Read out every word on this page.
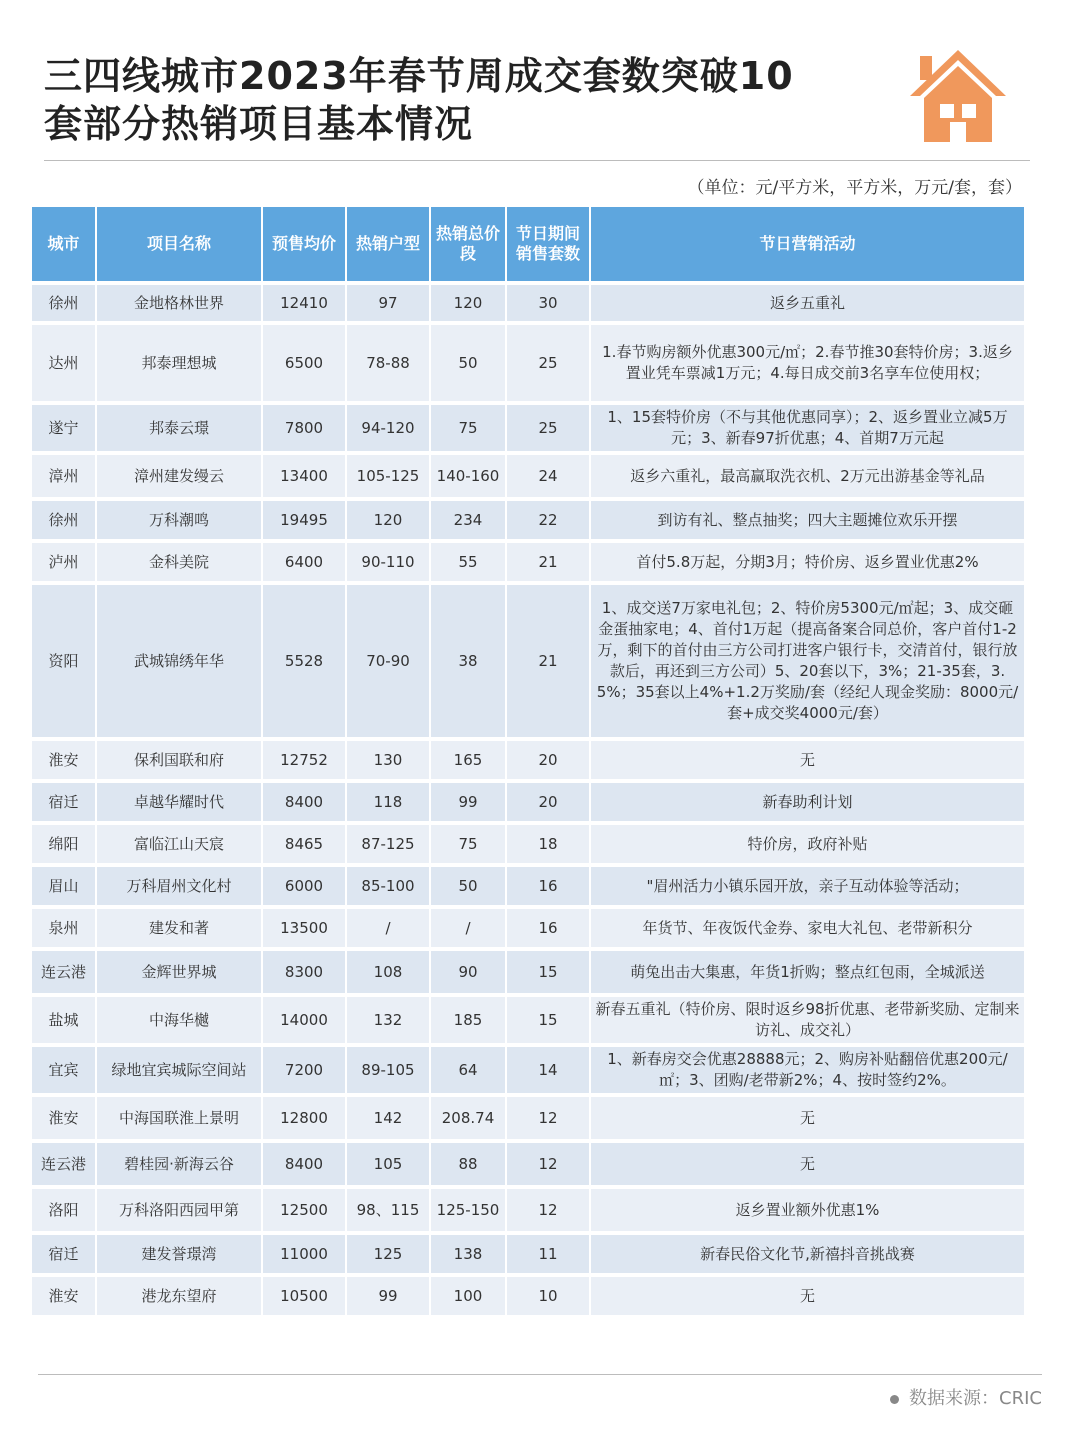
三四线城市2023年春节周成交套数突破10
套部分热销项目基本情况
（单位：元/平方米，平方米，万元/套，套）
城市	项目名称	预售均价	热销户型	热销总价段	节日期间销售套数	节日营销活动
徐州	金地格林世界	12410	97	120	30	返乡五重礼
达州	邦泰理想城	6500	78-88	50	25	1.春节购房额外优惠300元/㎡；2.春节推30套特价房；3.返乡置业凭车票减1万元；4.每日成交前3名享车位使用权；
遂宁	邦泰云璟	7800	94-120	75	25	1、15套特价房（不与其他优惠同享）；2、返乡置业立减5万元；3、新春97折优惠；4、首期7万元起
漳州	漳州建发缦云	13400	105-125	140-160	24	返乡六重礼，最高赢取洗衣机、2万元出游基金等礼品
徐州	万科潮鸣	19495	120	234	22	到访有礼、整点抽奖；四大主题摊位欢乐开摆
泸州	金科美院	6400	90-110	55	21	首付5.8万起，分期3月；特价房、返乡置业优惠2%
资阳	武城锦绣年华	5528	70-90	38	21	1、成交送7万家电礼包；2、特价房5300元/㎡起；3、成交砸金蛋抽家电；4、首付1万起（提高备案合同总价，客户首付1-2万，剩下的首付由三方公司打进客户银行卡，交清首付，银行放款后，再还到三方公司）5、20套以下，3%；21-35套，3.5%；35套以上4%+1.2万奖励/套（经纪人现金奖励：8000元/套+成交奖4000元/套）
淮安	保利国联和府	12752	130	165	20	无
宿迁	卓越华耀时代	8400	118	99	20	新春助利计划
绵阳	富临江山天宸	8465	87-125	75	18	特价房，政府补贴
眉山	万科眉州文化村	6000	85-100	50	16	"眉州活力小镇乐园开放，亲子互动体验等活动；
泉州	建发和著	13500	/	/	16	年货节、年夜饭代金券、家电大礼包、老带新积分
连云港	金辉世界城	8300	108	90	15	萌兔出击大集惠，年货1折购；整点红包雨，全城派送
盐城	中海华樾	14000	132	185	15	新春五重礼（特价房、限时返乡98折优惠、老带新奖励、定制来访礼、成交礼）
宜宾	绿地宜宾城际空间站	7200	89-105	64	14	1、新春房交会优惠28888元；2、购房补贴翻倍优惠200元/㎡；3、团购/老带新2%；4、按时签约2%。
淮安	中海国联淮上景明	12800	142	208.74	12	无
连云港	碧桂园·新海云谷	8400	105	88	12	无
洛阳	万科洛阳西园甲第	12500	98、115	125-150	12	返乡置业额外优惠1%
宿迁	建发誉璟湾	11000	125	138	11	新春民俗文化节,新禧抖音挑战赛
淮安	港龙东望府	10500	99	100	10	无
数据来源：CRIC
